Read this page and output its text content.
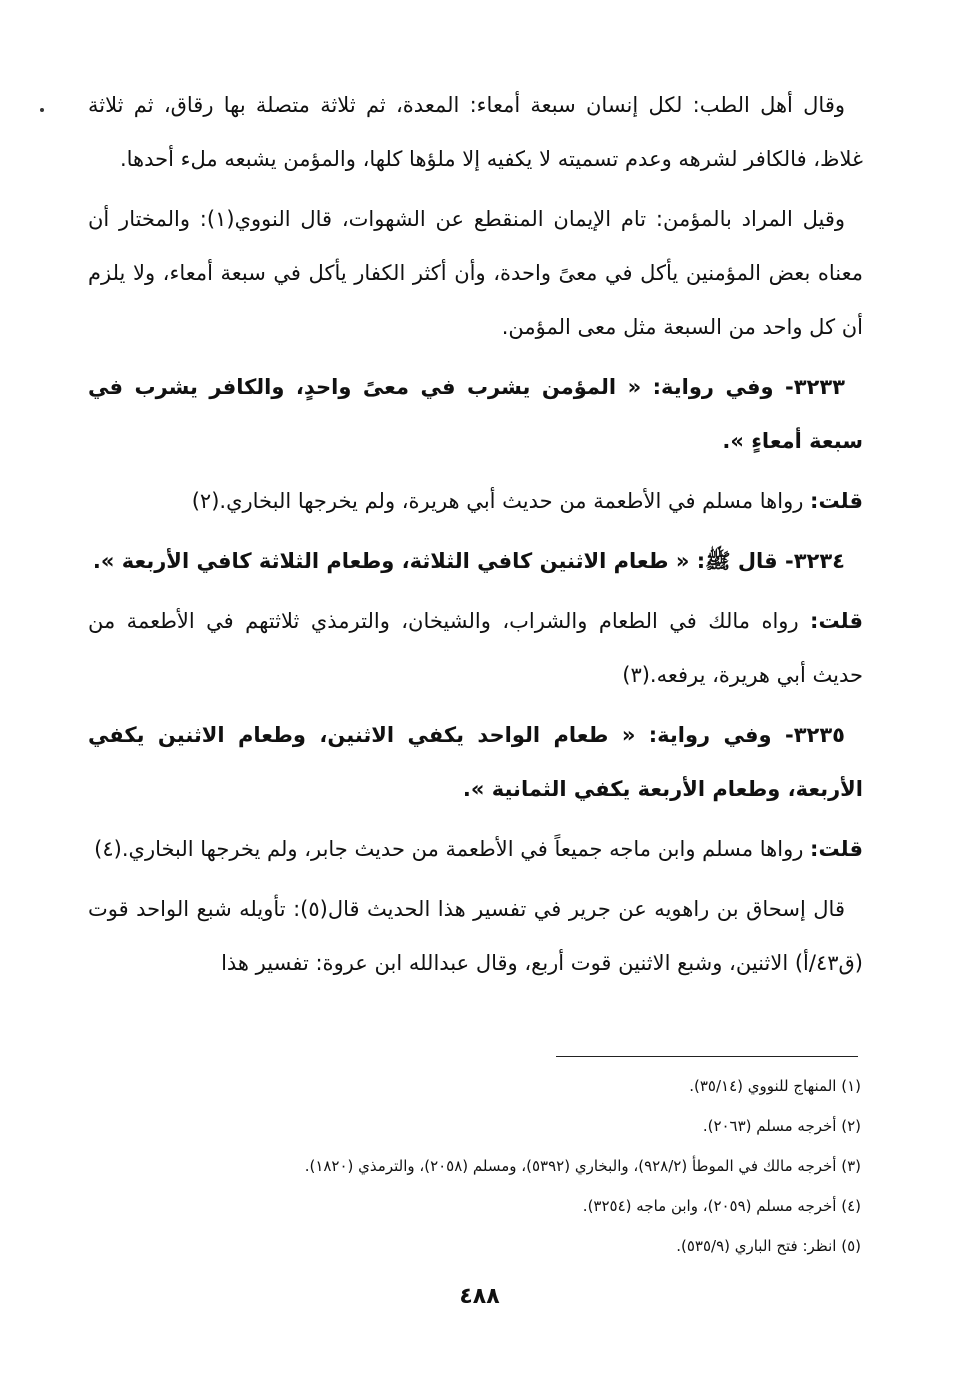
وقال أهل الطب: لكل إنسان سبعة أمعاء: المعدة، ثم ثلاثة متصلة بها رقاق، ثم ثلاثة غلاظ، فالكافر لشرهه وعدم تسميته لا يكفيه إلا ملؤها كلها، والمؤمن يشبعه ملء أحدها.

وقيل المراد بالمؤمن: تام الإيمان المنقطع عن الشهوات، قال النووي(١): والمختار أن معناه بعض المؤمنين يأكل في معىً واحدة، وأن أكثر الكفار يأكل في سبعة أمعاء، ولا يلزم أن كل واحد من السبعة مثل معى المؤمن.

٣٢٣٣- وفي رواية: « المؤمن يشرب في معىً واحدٍ، والكافر يشرب في سبعة أمعاءٍ ».

قلت: رواها مسلم في الأطعمة من حديث أبي هريرة، ولم يخرجها البخاري.(٢)

٣٢٣٤- قال ﷺ: « طعام الاثنين كافي الثلاثة، وطعام الثلاثة كافي الأربعة ».

قلت: رواه مالك في الطعام والشراب، والشيخان، والترمذي ثلاثتهم في الأطعمة من حديث أبي هريرة، يرفعه.(٣)

٣٢٣٥- وفي رواية: « طعام الواحد يكفي الاثنين، وطعام الاثنين يكفي الأربعة، وطعام الأربعة يكفي الثمانية ».

قلت: رواها مسلم وابن ماجه جميعاً في الأطعمة من حديث جابر، ولم يخرجها البخاري.(٤)

قال إسحاق بن راهويه عن جرير في تفسير هذا الحديث قال(٥): تأويله شبع الواحد قوت (ق٤٣/أ) الاثنين، وشبع الاثنين قوت أربع، وقال عبدالله ابن عروة: تفسير هذا

(١) المنهاج للنووي (٣٥/١٤).
(٢) أخرجه مسلم (٢٠٦٣).
(٣) أخرجه مالك في الموطأ (٩٢٨/٢)، والبخاري (٥٣٩٢)، ومسلم (٢٠٥٨)، والترمذي (١٨٢٠).
(٤) أخرجه مسلم (٢٠٥٩)، وابن ماجه (٣٢٥٤).
(٥) انظر: فتح الباري (٥٣٥/٩).
٤٨٨
